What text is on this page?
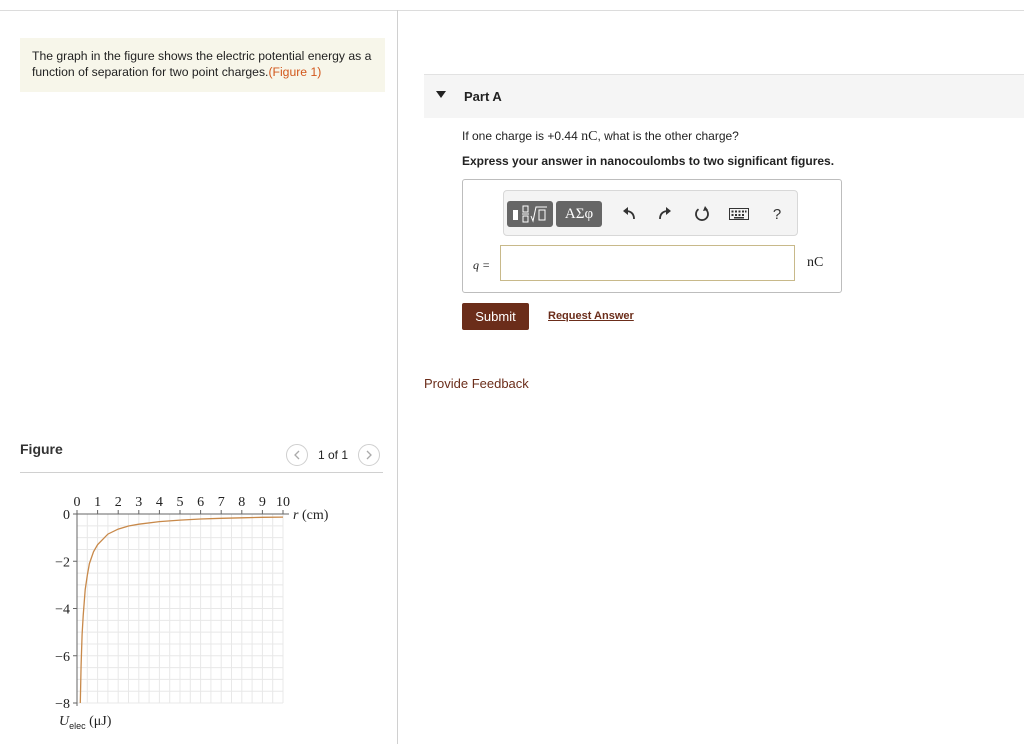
The graph in the figure shows the electric potential energy as a function of separation for two point charges.(Figure 1)
Figure	1 of 1
0 1 2 3 4 5 6 7 8 9 10
0
−2
−4
−6
−8
r (cm)
$U_{elec}$ (μJ)
Part A
If one charge is +0.44 nC, what is the other charge?
Express your answer in nanocoulombs to two significant figures.
ΑΣφ	?
q =	nC
Submit	Request Answer
Provide Feedback
